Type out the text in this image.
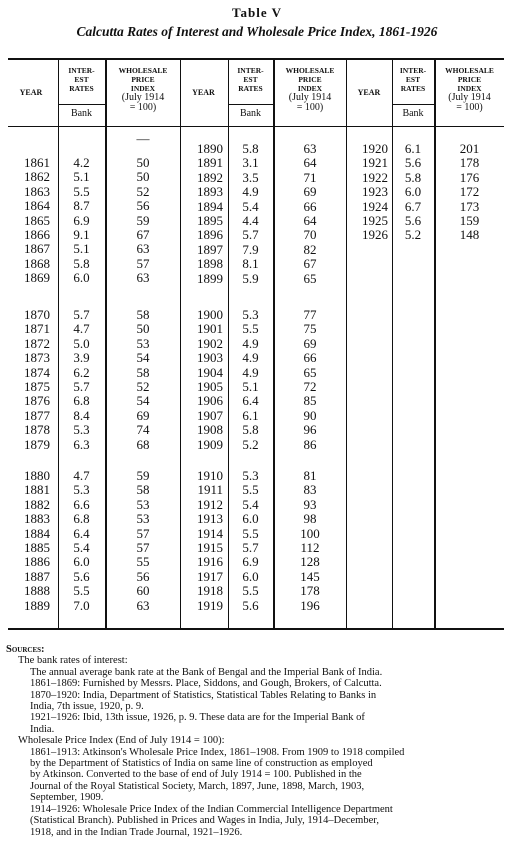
Table V
Calcutta Rates of Interest and Wholesale Price Index, 1861-1926
YEAR
INTER-
EST
RATES
Bank
WHOLESALE
PRICE
INDEX
(July 1914
= 100)
YEAR
INTER-
EST
RATES
Bank
WHOLESALE
PRICE
INDEX
(July 1914
= 100)
YEAR
INTER-
EST
RATES
Bank
WHOLESALE
PRICE
INDEX
(July 1914
= 100)
—
1861
1862
1863
1864
1865
1866
1867
1868
1869
4.2
5.1
5.5
8.7
6.9
9.1
5.1
5.8
6.0
50
50
52
56
59
67
63
57
63
1870
1871
1872
1873
1874
1875
1876
1877
1878
1879
5.7
4.7
5.0
3.9
6.2
5.7
6.8
8.4
5.3
6.3
58
50
53
54
58
52
54
69
74
68
1880
1881
1882
1883
1884
1885
1886
1887
1888
1889
4.7
5.3
6.6
6.8
6.4
5.4
6.0
5.6
5.5
7.0
59
58
53
53
57
57
55
56
60
63
1890
1891
1892
1893
1894
1895
1896
1897
1898
1899
5.8
3.1
3.5
4.9
5.4
4.4
5.7
7.9
8.1
5.9
63
64
71
69
66
64
70
82
67
65
1900
1901
1902
1903
1904
1905
1906
1907
1908
1909
5.3
5.5
4.9
4.9
4.9
5.1
6.4
6.1
5.8
5.2
77
75
69
66
65
72
85
90
96
86
1910
1911
1912
1913
1914
1915
1916
1917
1918
1919
5.3
5.5
5.4
6.0
5.5
5.7
6.9
6.0
5.5
5.6
81
83
93
98
100
112
128
145
178
196
1920
1921
1922
1923
1924
1925
1926
6.1
5.6
5.8
6.0
6.7
5.6
5.2
201
178
176
172
173
159
148
Sources:
The bank rates of interest:
The annual average bank rate at the Bank of Bengal and the Imperial Bank of India.
1861–1869: Furnished by Messrs. Place, Siddons, and Gough, Brokers, of Calcutta.
1870–1920: India, Department of Statistics, Statistical Tables Relating to Banks in
India, 7th issue, 1920, p. 9.
1921–1926: Ibid, 13th issue, 1926, p. 9. These data are for the Imperial Bank of
India.
Wholesale Price Index (End of July 1914 = 100):
1861–1913: Atkinson's Wholesale Price Index, 1861–1908. From 1909 to 1918 compiled
by the Department of Statistics of India on same line of construction as employed
by Atkinson. Converted to the base of end of July 1914 = 100. Published in the
Journal of the Royal Statistical Society, March, 1897, June, 1898, March, 1903,
September, 1909.
1914–1926: Wholesale Price Index of the Indian Commercial Intelligence Department
(Statistical Branch). Published in Prices and Wages in India, July, 1914–December,
1918, and in the Indian Trade Journal, 1921–1926.
